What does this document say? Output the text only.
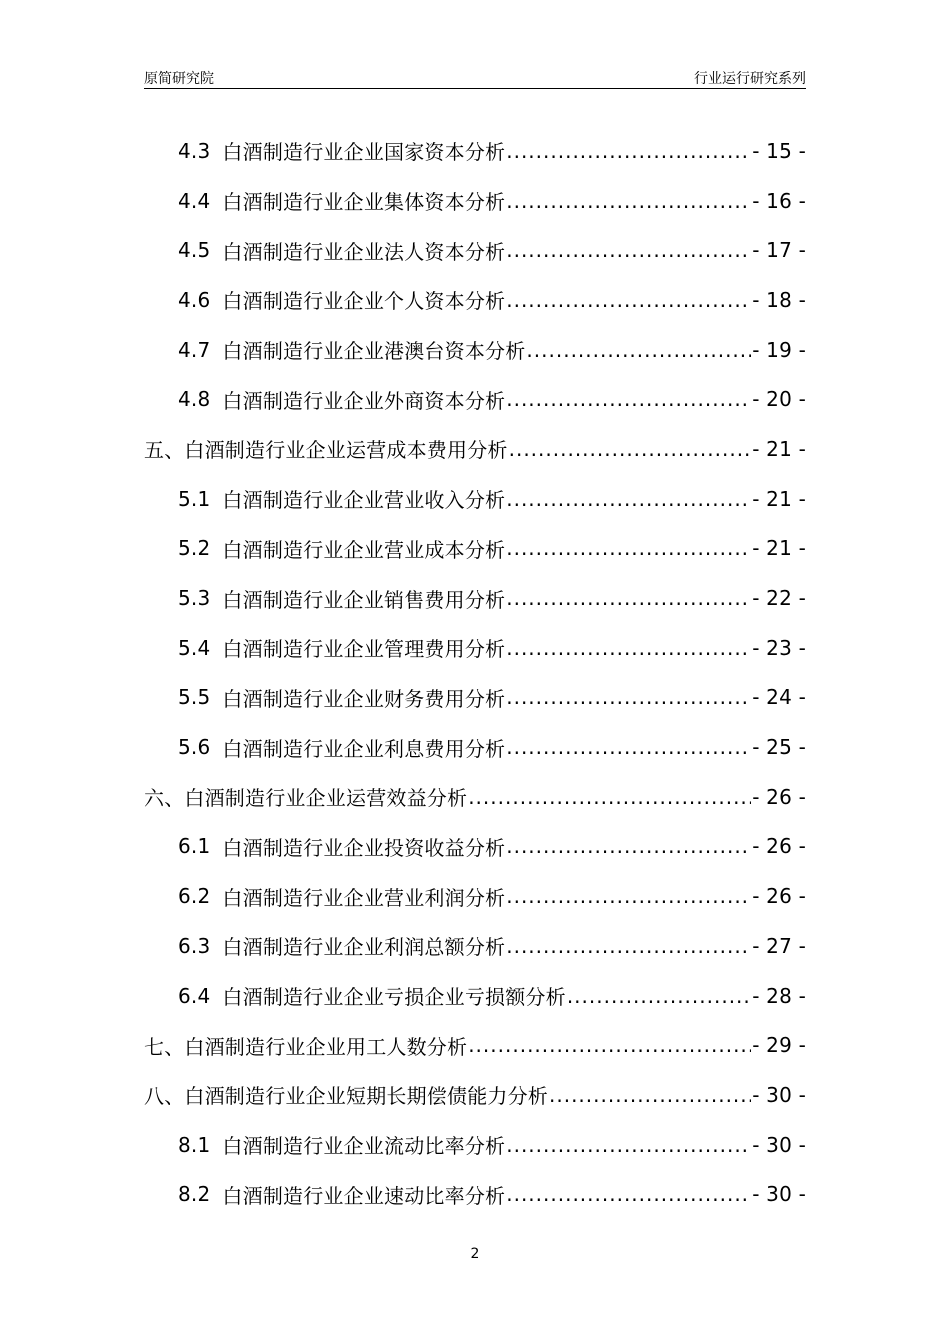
原简研究院	行业运行研究系列
4.3 白酒制造行业企业国家资本分析 .....	- 15 -
4.4 白酒制造行业企业集体资本分析 .....	- 16 -
4.5 白酒制造行业企业法人资本分析 .....	- 17 -
4.6 白酒制造行业企业个人资本分析 .....	- 18 -
4.7 白酒制造行业企业港澳台资本分析 .....	- 19 -
4.8 白酒制造行业企业外商资本分析 .....	- 20 -
五、白酒制造行业企业运营成本费用分析 .....	- 21 -
5.1 白酒制造行业企业营业收入分析 .....	- 21 -
5.2 白酒制造行业企业营业成本分析 .....	- 21 -
5.3 白酒制造行业企业销售费用分析 .....	- 22 -
5.4 白酒制造行业企业管理费用分析 .....	- 23 -
5.5 白酒制造行业企业财务费用分析 .....	- 24 -
5.6 白酒制造行业企业利息费用分析 .....	- 25 -
六、白酒制造行业企业运营效益分析 .....	- 26 -
6.1 白酒制造行业企业投资收益分析 .....	- 26 -
6.2 白酒制造行业企业营业利润分析 .....	- 26 -
6.3 白酒制造行业企业利润总额分析 .....	- 27 -
6.4 白酒制造行业企业亏损企业亏损额分析 .....	- 28 -
七、白酒制造行业企业用工人数分析 .....	- 29 -
八、白酒制造行业企业短期长期偿债能力分析 .....	- 30 -
8.1 白酒制造行业企业流动比率分析 .....	- 30 -
8.2 白酒制造行业企业速动比率分析 .....	- 30 -
2
